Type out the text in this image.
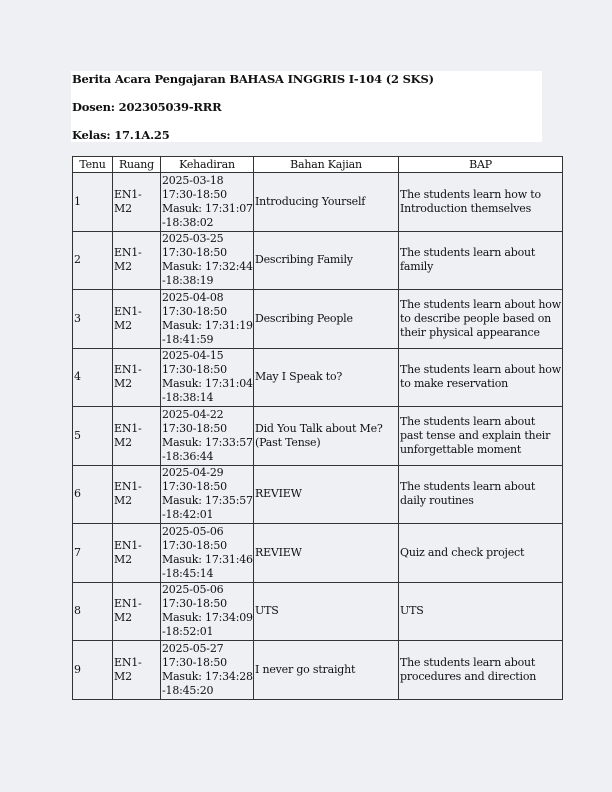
Berita Acara Pengajaran BAHASA INGGRIS I-104 (2 SKS)
Dosen: 202305039-RRR
Kelas: 17.1A.25
Tenu	Ruang	Kehadiran	Bahan Kajian	BAP
1	EN1-M2	2025-03-18
17:30-18:50
Masuk: 17:31:07
-18:38:02	Introducing Yourself	The students learn how to Introduction themselves
2	EN1-M2	2025-03-25
17:30-18:50
Masuk: 17:32:44
-18:38:19	Describing Family	The students learn about family
3	EN1-M2	2025-04-08
17:30-18:50
Masuk: 17:31:19
-18:41:59	Describing People	The students learn about how to describe people based on their physical appearance
4	EN1-M2	2025-04-15
17:30-18:50
Masuk: 17:31:04
-18:38:14	May I Speak to?	The students learn about how to make reservation
5	EN1-M2	2025-04-22
17:30-18:50
Masuk: 17:33:57
-18:36:44	Did You Talk about Me? (Past Tense)	The students learn about past tense and explain their unforgettable moment
6	EN1-M2	2025-04-29
17:30-18:50
Masuk: 17:35:57
-18:42:01	REVIEW	The students learn about daily routines
7	EN1-M2	2025-05-06
17:30-18:50
Masuk: 17:31:46
-18:45:14	REVIEW	Quiz and check project
8	EN1-M2	2025-05-06
17:30-18:50
Masuk: 17:34:09
-18:52:01	UTS	UTS
9	EN1-M2	2025-05-27
17:30-18:50
Masuk: 17:34:28
-18:45:20	I never go straight	The students learn about procedures and direction
